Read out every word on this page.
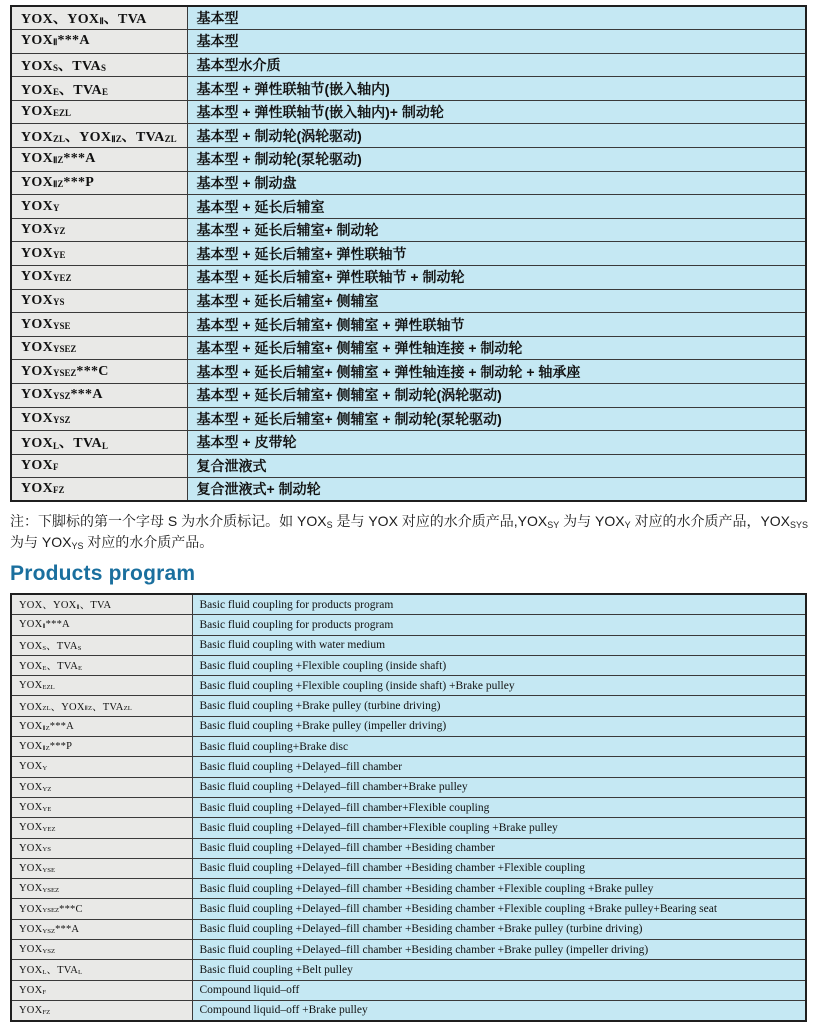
YOX、$YOX_Ⅱ$、TVA	基本型
$YOX_Ⅱ***A$	基本型
$YOX_S$、$TVA_S$	基本型水介质
$YOX_E$、$TVA_E$	基本型 + 弹性联轴节(嵌入轴内)
$YOX_{EZL}$	基本型 + 弹性联轴节(嵌入轴内)+ 制动轮
$YOX_{ZL}$、$YOX_{ⅡZ}$、$TVA_{ZL}$	基本型 + 制动轮(涡轮驱动)
$YOX_{ⅡZ}***A$	基本型 + 制动轮(泵轮驱动)
$YOX_{ⅡZ}***P$	基本型 + 制动盘
$YOX_Y$	基本型 + 延长后辅室
$YOX_{YZ}$	基本型 + 延长后辅室+ 制动轮
$YOX_{YE}$	基本型 + 延长后辅室+ 弹性联轴节
$YOX_{YEZ}$	基本型 + 延长后辅室+ 弹性联轴节 + 制动轮
$YOX_{YS}$	基本型 + 延长后辅室+ 侧辅室
$YOX_{YSE}$	基本型 + 延长后辅室+ 侧辅室 + 弹性联轴节
$YOX_{YSEZ}$	基本型 + 延长后辅室+ 侧辅室 + 弹性轴连接 + 制动轮
$YOX_{YSEZ}***C$	基本型 + 延长后辅室+ 侧辅室 + 弹性轴连接 + 制动轮 + 轴承座
$YOX_{YSZ}***A$	基本型 + 延长后辅室+ 侧辅室 + 制动轮(涡轮驱动)
$YOX_{YSZ}$	基本型 + 延长后辅室+ 侧辅室 + 制动轮(泵轮驱动)
$YOX_L$、$TVA_L$	基本型 + 皮带轮
$YOX_F$	复合泄液式
$YOX_{FZ}$	复合泄液式+ 制动轮

注：下脚标的第一个字母 S 为水介质标记。如 $YOX_S$ 是与 YOX 对应的水介质产品$,YOX_{SY}$ 为与 $YOX_Y$ 对应的水介质产品，$YOX_{SYS}$ 为与 $YOX_{YS}$ 对应的水介质产品。

Products program
YOX、$YOX_Ⅱ$、TVA	Basic fluid coupling for products program
$YOX_Ⅱ***A$	Basic fluid coupling for products program
$YOX_S$、$TVA_S$	Basic fluid coupling with water medium
$YOX_E$、$TVA_E$	Basic fluid coupling +Flexible coupling (inside shaft)
$YOX_{EZL}$	Basic fluid coupling +Flexible coupling (inside shaft) +Brake pulley
$YOX_{ZL}$、$YOX_{ⅡZ}$、$TVA_{ZL}$	Basic fluid coupling +Brake pulley (turbine driving)
$YOX_{ⅡZ}***A$	Basic fluid coupling +Brake pulley (impeller driving)
$YOX_{ⅡZ}***P$	Basic fluid coupling+Brake disc
$YOX_Y$	Basic fluid coupling +Delayed–fill chamber
$YOX_{YZ}$	Basic fluid coupling +Delayed–fill chamber+Brake pulley
$YOX_{YE}$	Basic fluid coupling +Delayed–fill chamber+Flexible coupling
$YOX_{YEZ}$	Basic fluid coupling +Delayed–fill chamber+Flexible coupling +Brake pulley
$YOX_{YS}$	Basic fluid coupling +Delayed–fill chamber +Besiding chamber
$YOX_{YSE}$	Basic fluid coupling +Delayed–fill chamber +Besiding chamber +Flexible coupling
$YOX_{YSEZ}$	Basic fluid coupling +Delayed–fill chamber +Besiding chamber +Flexible coupling +Brake pulley
$YOX_{YSEZ}***C$	Basic fluid coupling +Delayed–fill chamber +Besiding chamber +Flexible coupling +Brake pulley+Bearing seat
$YOX_{YSZ}***A$	Basic fluid coupling +Delayed–fill chamber +Besiding chamber +Brake pulley (turbine driving)
$YOX_{YSZ}$	Basic fluid coupling +Delayed–fill chamber +Besiding chamber +Brake pulley (impeller driving)
$YOX_L$、$TVA_L$	Basic fluid coupling +Belt pulley
$YOX_F$	Compound liquid–off
$YOX_{FZ}$	Compound liquid–off +Brake pulley
